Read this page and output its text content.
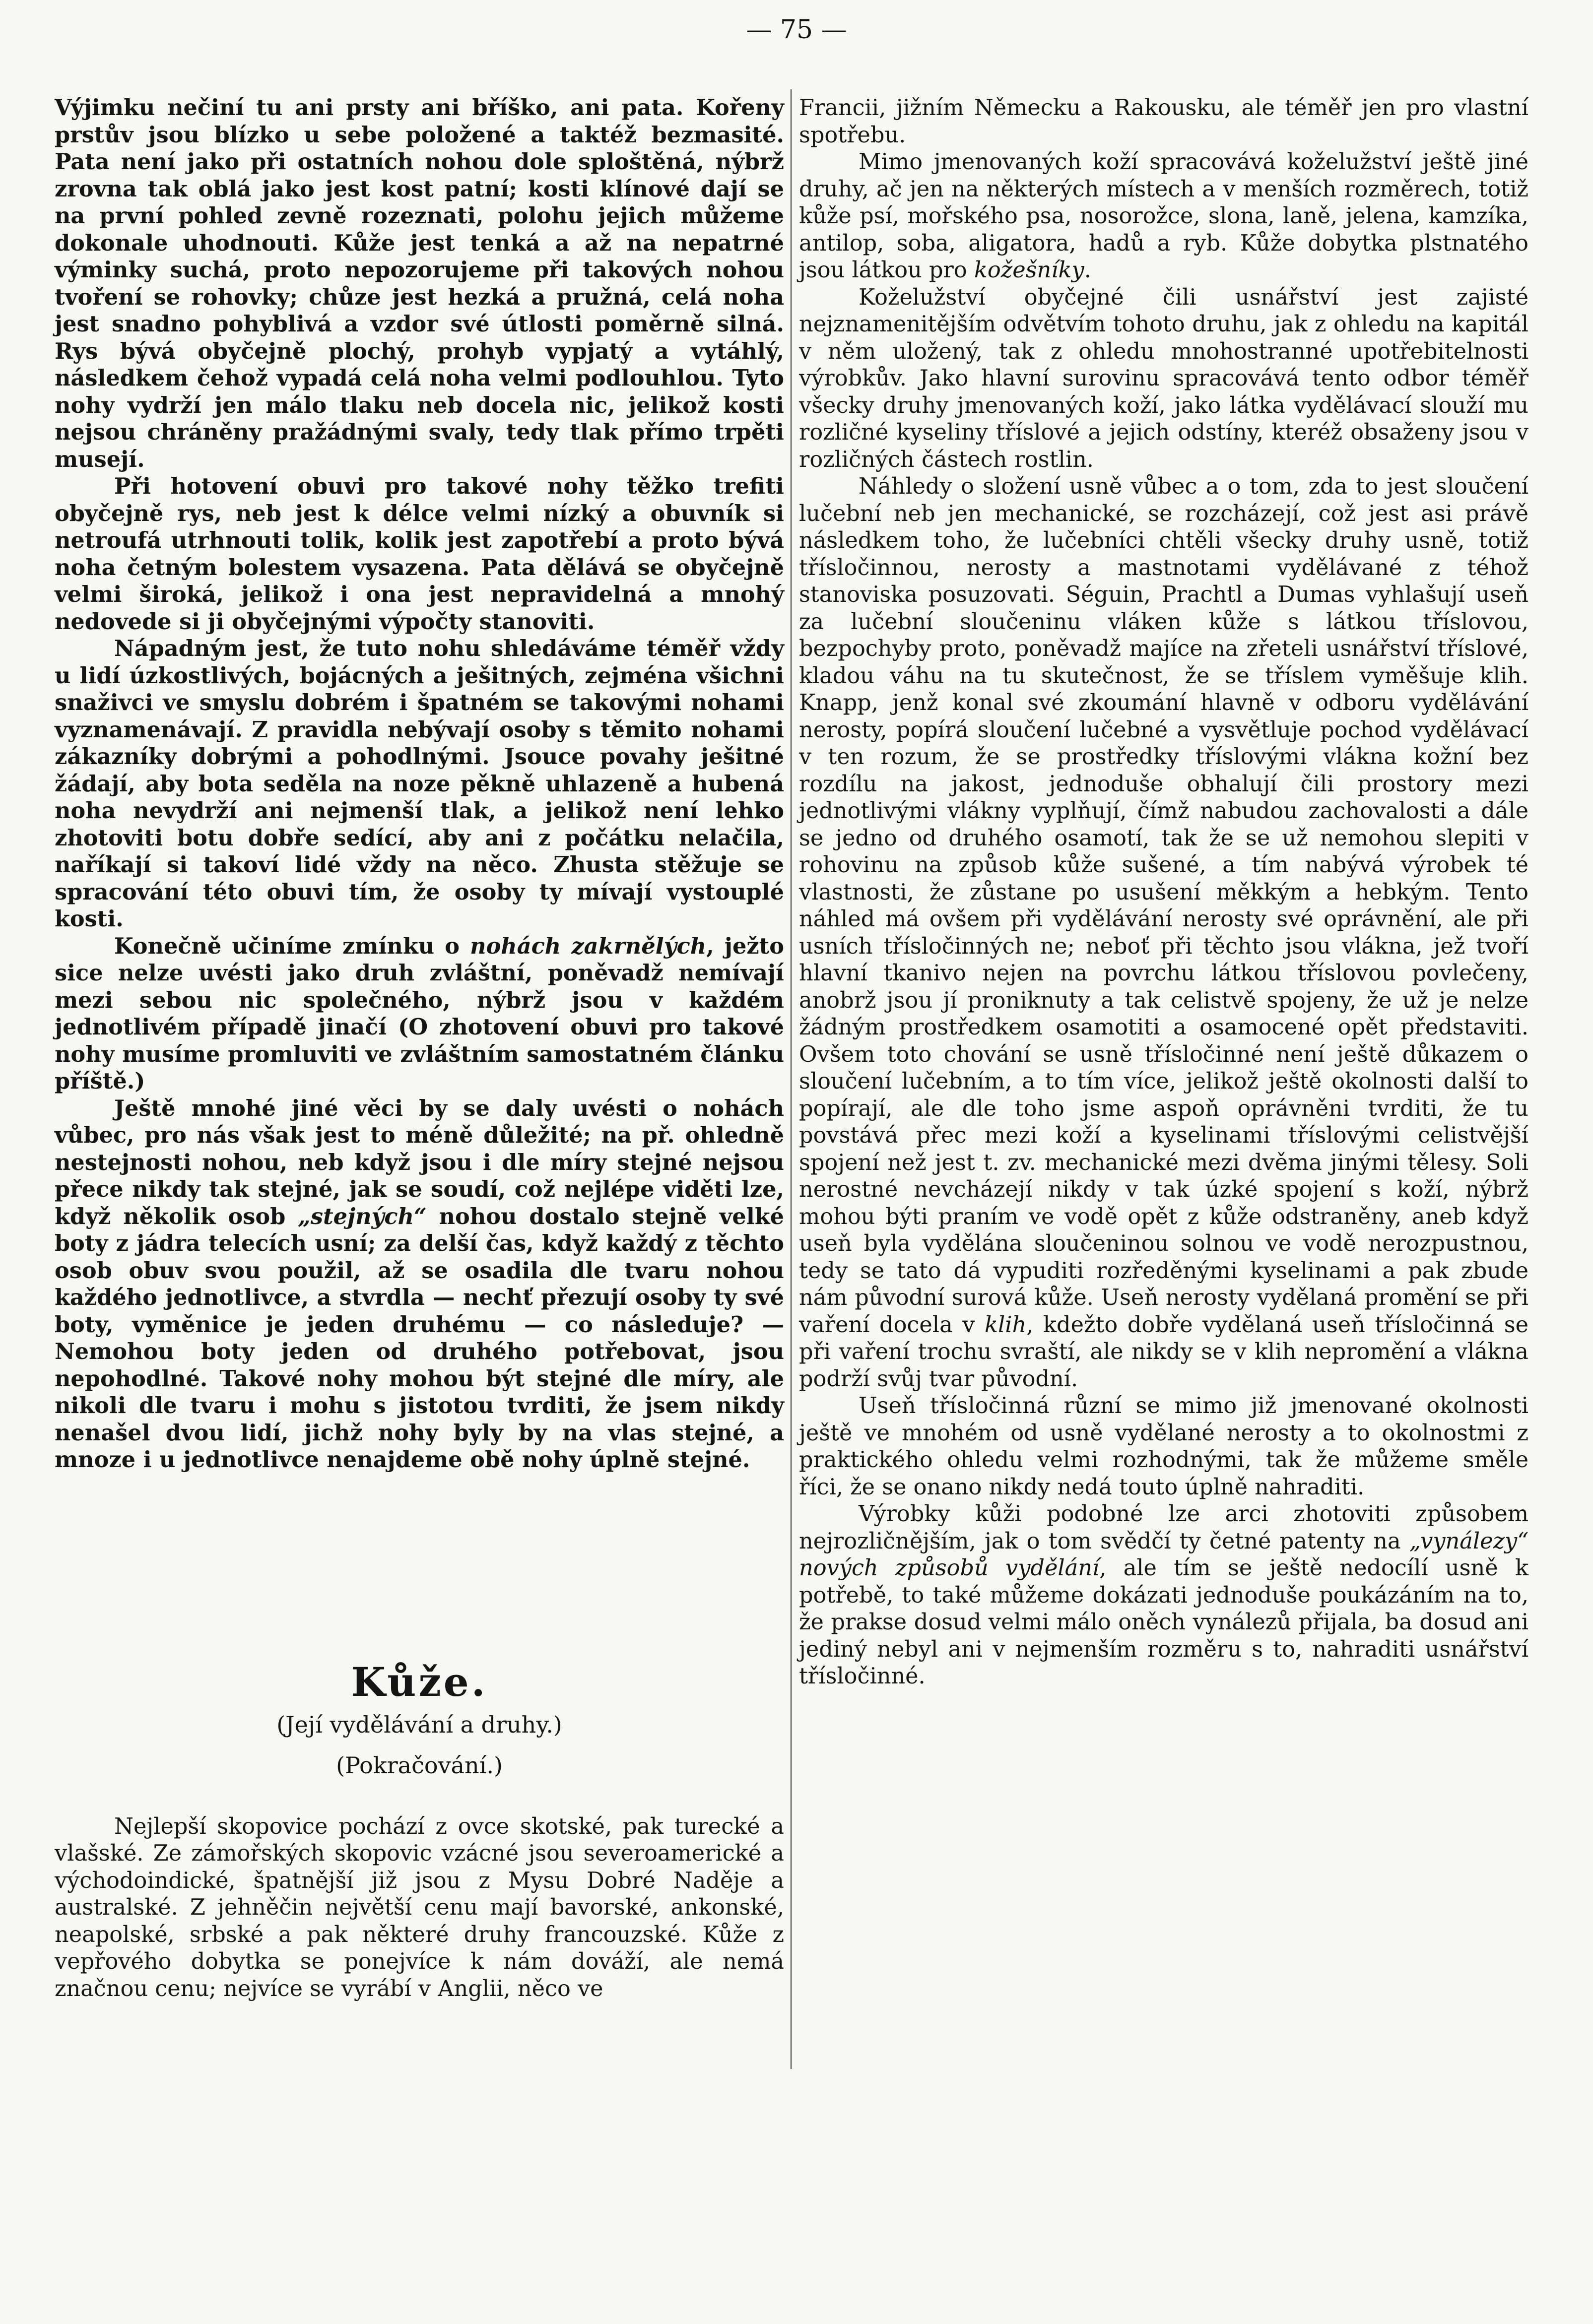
— 75 —

Výjimku nečiní tu ani prsty ani bříško, ani pata. Kořeny prstův jsou blízko u sebe položené a taktéž bezmasité. Pata není jako při ostatních nohou dole sploštěná, nýbrž zrovna tak oblá jako jest kost patní; kosti klínové dají se na první pohled zevně rozeznati, polohu jejich můžeme dokonale uhodnouti. Kůže jest tenká a až na nepatrné výminky suchá, proto nepozorujeme při takových nohou tvoření se rohovky; chůze jest hezká a pružná, celá noha jest snadno pohyblivá a vzdor své útlosti poměrně silná. Rys bývá obyčejně plochý, prohyb vypjatý a vytáhlý, následkem čehož vypadá celá noha velmi podlouhlou. Tyto nohy vydrží jen málo tlaku neb docela nic, jelikož kosti nejsou chráněny pražádnými svaly, tedy tlak přímo trpěti musejí.

Při hotovení obuvi pro takové nohy těžko trefiti obyčejně rys, neb jest k délce velmi nízký a obuvník si netroufá utrhnouti tolik, kolik jest zapotřebí a proto bývá noha četným bolestem vysazena. Pata dělává se obyčejně velmi široká, jelikož i ona jest nepravidelná a mnohý nedovede si ji obyčejnými výpočty stanoviti.

Nápadným jest, že tuto nohu shledáváme téměř vždy u lidí úzkostlivých, bojácných a ješitných, zejména všichni snaživci ve smyslu dobrém i špatném se takovými nohami vyznamenávají. Z pravidla nebývají osoby s těmito nohami zákazníky dobrými a pohodlnými. Jsouce povahy ješitné žádají, aby bota seděla na noze pěkně uhlazeně a hubená noha nevydrží ani nejmenší tlak, a jelikož není lehko zhotoviti botu dobře sedící, aby ani z počátku nelačila, naříkají si takoví lidé vždy na něco. Zhusta stěžuje se spracování této obuvi tím, že osoby ty mívají vystouplé kosti.

Konečně učiníme zmínku o nohách zakrnělých, ježto sice nelze uvésti jako druh zvláštní, poněvadž nemívají mezi sebou nic společného, nýbrž jsou v každém jednotlivém případě jinačí (O zhotovení obuvi pro takové nohy musíme promluviti ve zvláštním samostatném článku příště.)

Ještě mnohé jiné věci by se daly uvésti o nohách vůbec, pro nás však jest to méně důležité; na př. ohledně nestejnosti nohou, neb když jsou i dle míry stejné nejsou přece nikdy tak stejné, jak se soudí, což nejlépe viděti lze, když několik osob „stejných“ nohou dostalo stejně velké boty z jádra telecích usní; za delší čas, když každý z těchto osob obuv svou použil, až se osadila dle tvaru nohou každého jednotlivce, a stvrdla — nechť přezují osoby ty své boty, vyměnice je jeden druhému — co následuje? — Nemohou boty jeden od druhého potřebovat, jsou nepohodlné. Takové nohy mohou být stejné dle míry, ale nikoli dle tvaru i mohu s jistotou tvrditi, že jsem nikdy nenašel dvou lidí, jichž nohy byly by na vlas stejné, a mnoze i u jednotlivce nenajdeme obě nohy úplně stejné.

Kůže.
(Její vydělávání a druhy.)
(Pokračování.)

Nejlepší skopovice pochází z ovce skotské, pak turecké a vlašské. Ze zámořských skopovic vzácné jsou severoamerické a východoindické, špatnější již jsou z Mysu Dobré Naděje a australské. Z jehněčin největší cenu mají bavorské, ankonské, neapolské, srbské a pak některé druhy francouzské. Kůže z vepřového dobytka se ponejvíce k nám dováží, ale nemá značnou cenu; nejvíce se vyrábí v Anglii, něco ve

Francii, jižním Německu a Rakousku, ale téměř jen pro vlastní spotřebu.

Mimo jmenovaných koží spracovává koželužství ještě jiné druhy, ač jen na některých místech a v menších rozměrech, totiž kůže psí, mořského psa, nosorožce, slona, laně, jelena, kamzíka, antilop, soba, aligatora, hadů a ryb. Kůže dobytka plstnatého jsou látkou pro kožešníky.

Koželužství obyčejné čili usnářství jest zajisté nejznamenitějším odvětvím tohoto druhu, jak z ohledu na kapitál v něm uložený, tak z ohledu mnohostranné upotřebitelnosti výrobkův. Jako hlavní surovinu spracovává tento odbor téměř všecky druhy jmenovaných koží, jako látka vydělávací slouží mu rozličné kyseliny tříslové a jejich odstíny, kteréž obsaženy jsou v rozličných částech rostlin.

Náhledy o složení usně vůbec a o tom, zda to jest sloučení lučební neb jen mechanické, se rozcházejí, což jest asi právě následkem toho, že lučebníci chtěli všecky druhy usně, totiž třísločinnou, nerosty a mastnotami vydělávané z téhož stanoviska posuzovati. Séguin, Prachtl a Dumas vyhlašují useň za lučební sloučeninu vláken kůže s látkou tříslovou, bezpochyby proto, poněvadž majíce na zřeteli usnářství tříslové, kladou váhu na tu skutečnost, že se tříslem vyměšuje klih. Knapp, jenž konal své zkoumání hlavně v odboru vydělávání nerosty, popírá sloučení lučebné a vysvětluje pochod vydělávací v ten rozum, že se prostředky tříslovými vlákna kožní bez rozdílu na jakost, jednoduše obhalují čili prostory mezi jednotlivými vlákny vyplňují, čímž nabudou zachovalosti a dále se jedno od druhého osamotí, tak že se už nemohou slepiti v rohovinu na způsob kůže sušené, a tím nabývá výrobek té vlastnosti, že zůstane po usušení měkkým a hebkým. Tento náhled má ovšem při vydělávání nerosty své oprávnění, ale při usních třísločinných ne; neboť při těchto jsou vlákna, jež tvoří hlavní tkanivo nejen na povrchu látkou tříslovou povlečeny, anobrž jsou jí proniknuty a tak celistvě spojeny, že už je nelze žádným prostředkem osamotiti a osamocené opět představiti. Ovšem toto chování se usně třísločinné není ještě důkazem o sloučení lučebním, a to tím více, jelikož ještě okolnosti další to popírají, ale dle toho jsme aspoň oprávněni tvrditi, že tu povstává přec mezi koží a kyselinami tříslovými celistvější spojení než jest t. zv. mechanické mezi dvěma jinými tělesy. Soli nerostné nevcházejí nikdy v tak úzké spojení s koží, nýbrž mohou býti praním ve vodě opět z kůže odstraněny, aneb když useň byla vydělána sloučeninou solnou ve vodě nerozpustnou, tedy se tato dá vypuditi rozředěnými kyselinami a pak zbude nám původní surová kůže. Useň nerosty vydělaná promění se při vaření docela v klih, kdežto dobře vydělaná useň třísločinná se při vaření trochu svraští, ale nikdy se v klih nepromění a vlákna podrží svůj tvar původní.

Useň třísločinná různí se mimo již jmenované okolnosti ještě ve mnohém od usně vydělané nerosty a to okolnostmi z praktického ohledu velmi rozhodnými, tak že můžeme směle říci, že se onano nikdy nedá touto úplně nahraditi.

Výrobky kůži podobné lze arci zhotoviti způsobem nejrozličnějším, jak o tom svědčí ty četné patenty na „vynálezy“ nových způsobů vydělání, ale tím se ještě nedocílí usně k potřebě, to také můžeme dokázati jednoduše poukázáním na to, že prakse dosud velmi málo oněch vynálezů přijala, ba dosud ani jediný nebyl ani v nejmenším rozměru s to, nahraditi usnářství třísločinné.
